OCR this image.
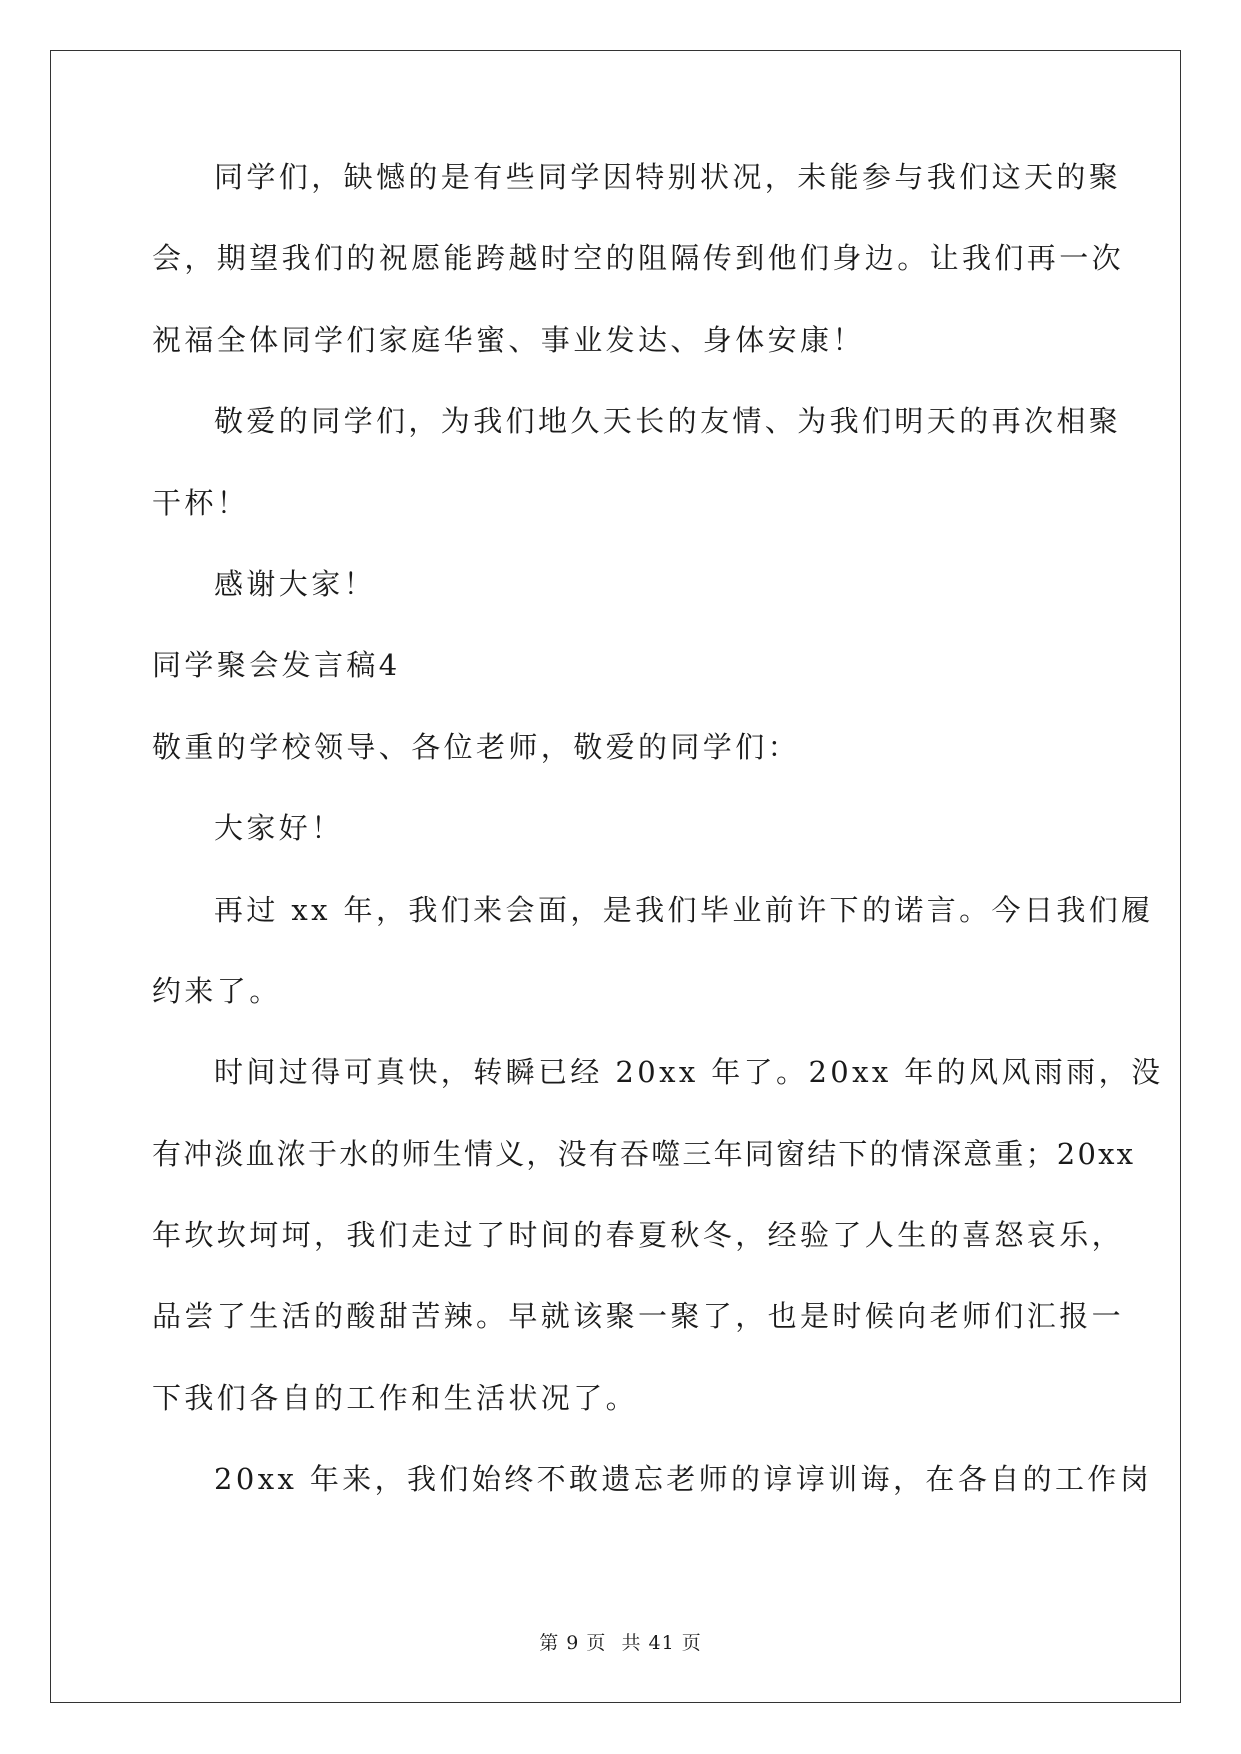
同学们，缺憾的是有些同学因特别状况，未能参与我们这天的聚
会，期望我们的祝愿能跨越时空的阻隔传到他们身边。让我们再一次
祝福全体同学们家庭华蜜、事业发达、身体安康！
敬爱的同学们，为我们地久天长的友情、为我们明天的再次相聚
干杯！
感谢大家！
同学聚会发言稿4
敬重的学校领导、各位老师，敬爱的同学们：
大家好！
再过 xx 年，我们来会面，是我们毕业前许下的诺言。今日我们履
约来了。
时间过得可真快，转瞬已经 20xx 年了。20xx 年的风风雨雨，没
有冲淡血浓于水的师生情义，没有吞噬三年同窗结下的情深意重；20xx
年坎坎坷坷，我们走过了时间的春夏秋冬，经验了人生的喜怒哀乐，
品尝了生活的酸甜苦辣。早就该聚一聚了，也是时候向老师们汇报一
下我们各自的工作和生活状况了。
20xx 年来，我们始终不敢遗忘老师的谆谆训诲，在各自的工作岗
第 9 页 共 41 页
